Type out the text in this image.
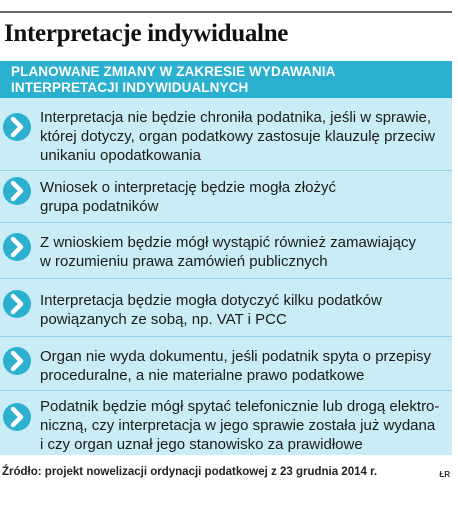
Interpretacje indywidualne
PLANOWANE ZMIANY W ZAKRESIE WYDAWANIA
INTERPRETACJI INDYWIDUALNYCH
Interpretacja nie będzie chroniła podatnika, jeśli w sprawie,
której dotyczy, organ podatkowy zastosuje klauzulę przeciw
unikaniu opodatkowania
Wniosek o interpretację będzie mogła złożyć
grupa podatników
Z wnioskiem będzie mógł wystąpić również zamawiający
w rozumieniu prawa zamówień publicznych
Interpretacja będzie mogła dotyczyć kilku podatków
powiązanych ze sobą, np. VAT i PCC
Organ nie wyda dokumentu, jeśli podatnik spyta o przepisy
proceduralne, a nie materialne prawo podatkowe
Podatnik będzie mógł spytać telefonicznie lub drogą elektro-
niczną, czy interpretacja w jego sprawie została już wydana
i czy organ uznał jego stanowisko za prawidłowe
Źródło: projekt nowelizacji ordynacji podatkowej z 23 grudnia 2014 r.	ŁR
